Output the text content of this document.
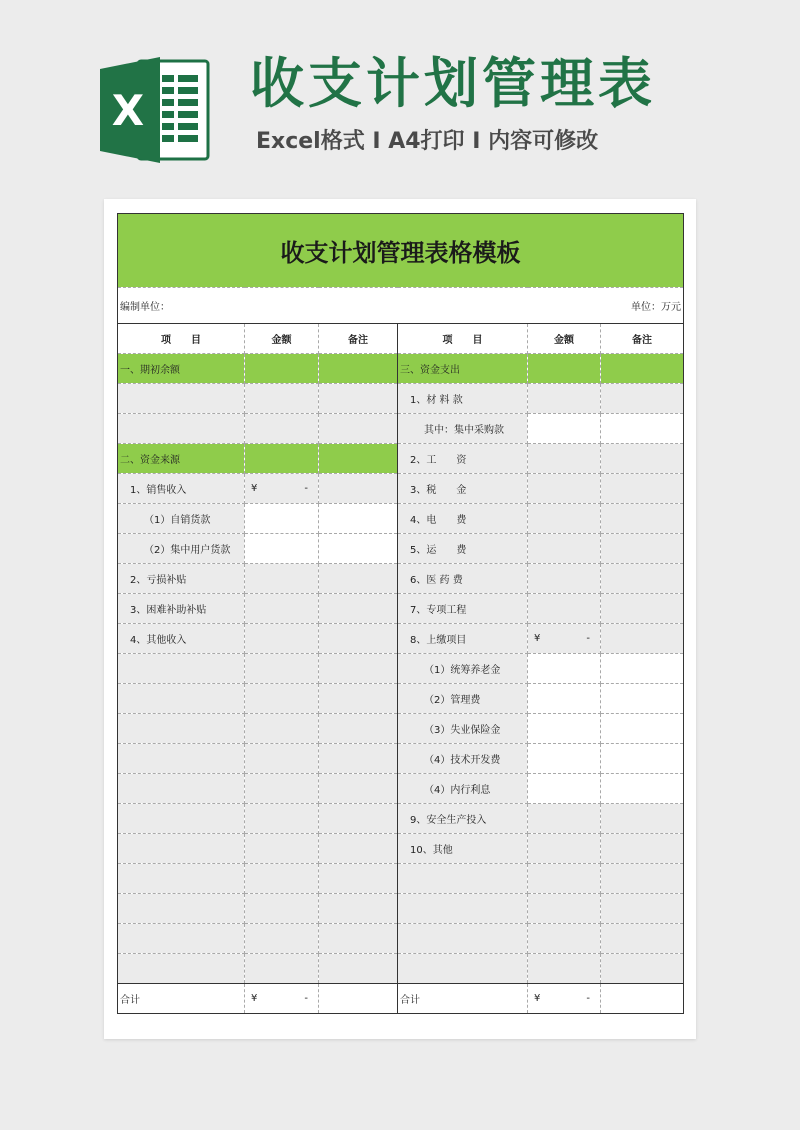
X 收支计划管理表
Excel格式 I A4打印 I 内容可修改
收支计划管理表格模板					
编制单位：			单位：万元		
项　　目	金额	备注	项　　目	金额	备注
一、期初余额			三、资金支出		
			1、材 料 款		
			其中：集中采购款		
二、资金来源			2、工　　资		
1、销售收入	¥ -		3、税　　金		
（1）自销货款			4、电　　费		
（2）集中用户货款			5、运　　费		
2、亏损补贴			6、医 药 费		
3、困难补助补贴			7、专项工程		
4、其他收入			8、上缴项目	¥ -	

			（1）统筹养老金		
			（2）管理费		
			（3）失业保险金		
			（4）技术开发费		
			（4）内行利息		
			9、安全生产投入		
			10、其他		

合计	¥ -		合计	¥ -	
